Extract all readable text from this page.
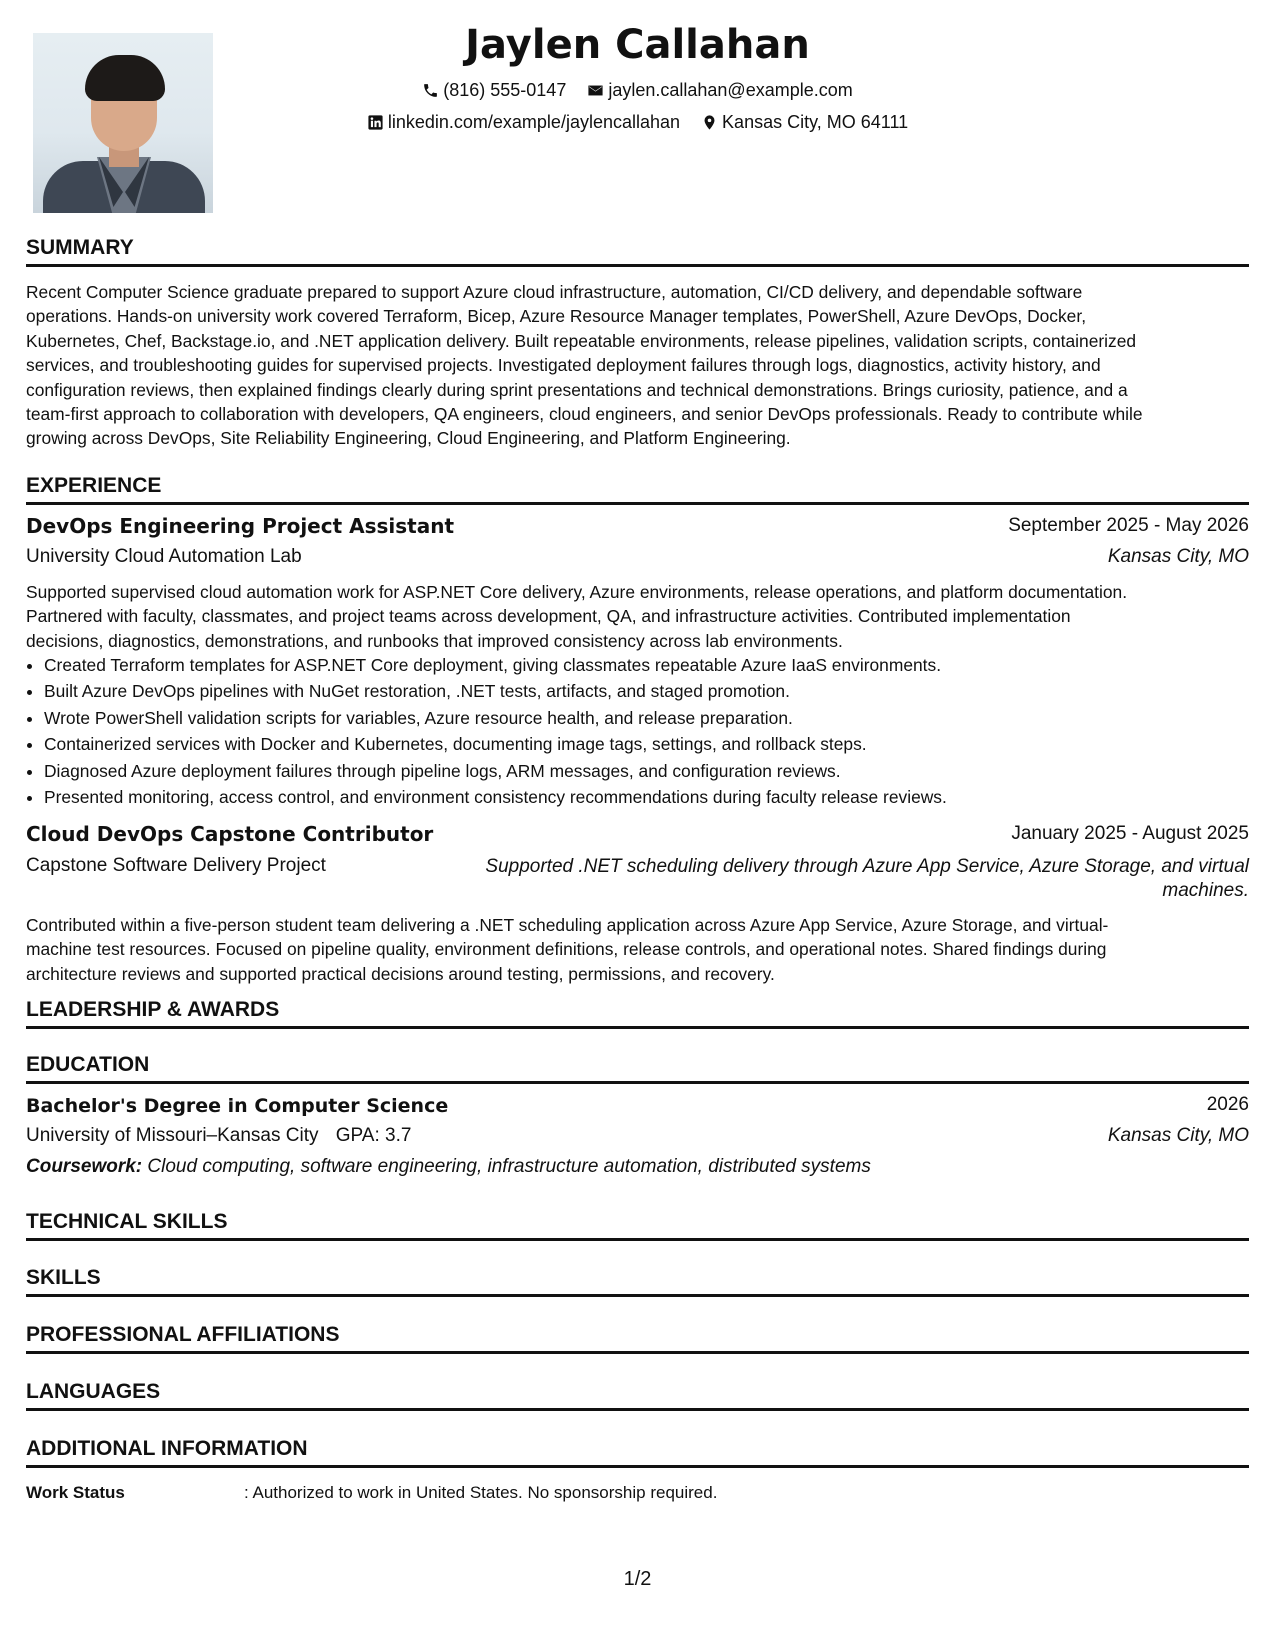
Jaylen Callahan
(816) 555-0147
jaylen.callahan@example.com
linkedin.com/example/jaylencallahan
Kansas City, MO 64111
SUMMARY
Recent Computer Science graduate prepared to support Azure cloud infrastructure, automation, CI/CD delivery, and dependable software
operations. Hands-on university work covered Terraform, Bicep, Azure Resource Manager templates, PowerShell, Azure DevOps, Docker,
Kubernetes, Chef, Backstage.io, and .NET application delivery. Built repeatable environments, release pipelines, validation scripts, containerized
services, and troubleshooting guides for supervised projects. Investigated deployment failures through logs, diagnostics, activity history, and
configuration reviews, then explained findings clearly during sprint presentations and technical demonstrations. Brings curiosity, patience, and a
team-first approach to collaboration with developers, QA engineers, cloud engineers, and senior DevOps professionals. Ready to contribute while
growing across DevOps, Site Reliability Engineering, Cloud Engineering, and Platform Engineering.
EXPERIENCE
DevOps Engineering Project Assistant	September 2025 - May 2026
University Cloud Automation Lab	Kansas City, MO
Supported supervised cloud automation work for ASP.NET Core delivery, Azure environments, release operations, and platform documentation.
Partnered with faculty, classmates, and project teams across development, QA, and infrastructure activities. Contributed implementation
decisions, diagnostics, demonstrations, and runbooks that improved consistency across lab environments.
• Created Terraform templates for ASP.NET Core deployment, giving classmates repeatable Azure IaaS environments.
• Built Azure DevOps pipelines with NuGet restoration, .NET tests, artifacts, and staged promotion.
• Wrote PowerShell validation scripts for variables, Azure resource health, and release preparation.
• Containerized services with Docker and Kubernetes, documenting image tags, settings, and rollback steps.
• Diagnosed Azure deployment failures through pipeline logs, ARM messages, and configuration reviews.
• Presented monitoring, access control, and environment consistency recommendations during faculty release reviews.
Cloud DevOps Capstone Contributor	January 2025 - August 2025
Capstone Software Delivery Project	Supported .NET scheduling delivery through Azure App Service, Azure Storage, and virtual
machines.
Contributed within a five-person student team delivering a .NET scheduling application across Azure App Service, Azure Storage, and virtual-
machine test resources. Focused on pipeline quality, environment definitions, release controls, and operational notes. Shared findings during
architecture reviews and supported practical decisions around testing, permissions, and recovery.
LEADERSHIP & AWARDS
EDUCATION
Bachelor's Degree in Computer Science	2026
University of Missouri–Kansas City GPA: 3.7	Kansas City, MO
Coursework: Cloud computing, software engineering, infrastructure automation, distributed systems
TECHNICAL SKILLS
SKILLS
PROFESSIONAL AFFILIATIONS
LANGUAGES
ADDITIONAL INFORMATION
Work Status	: Authorized to work in United States. No sponsorship required.
1/2
